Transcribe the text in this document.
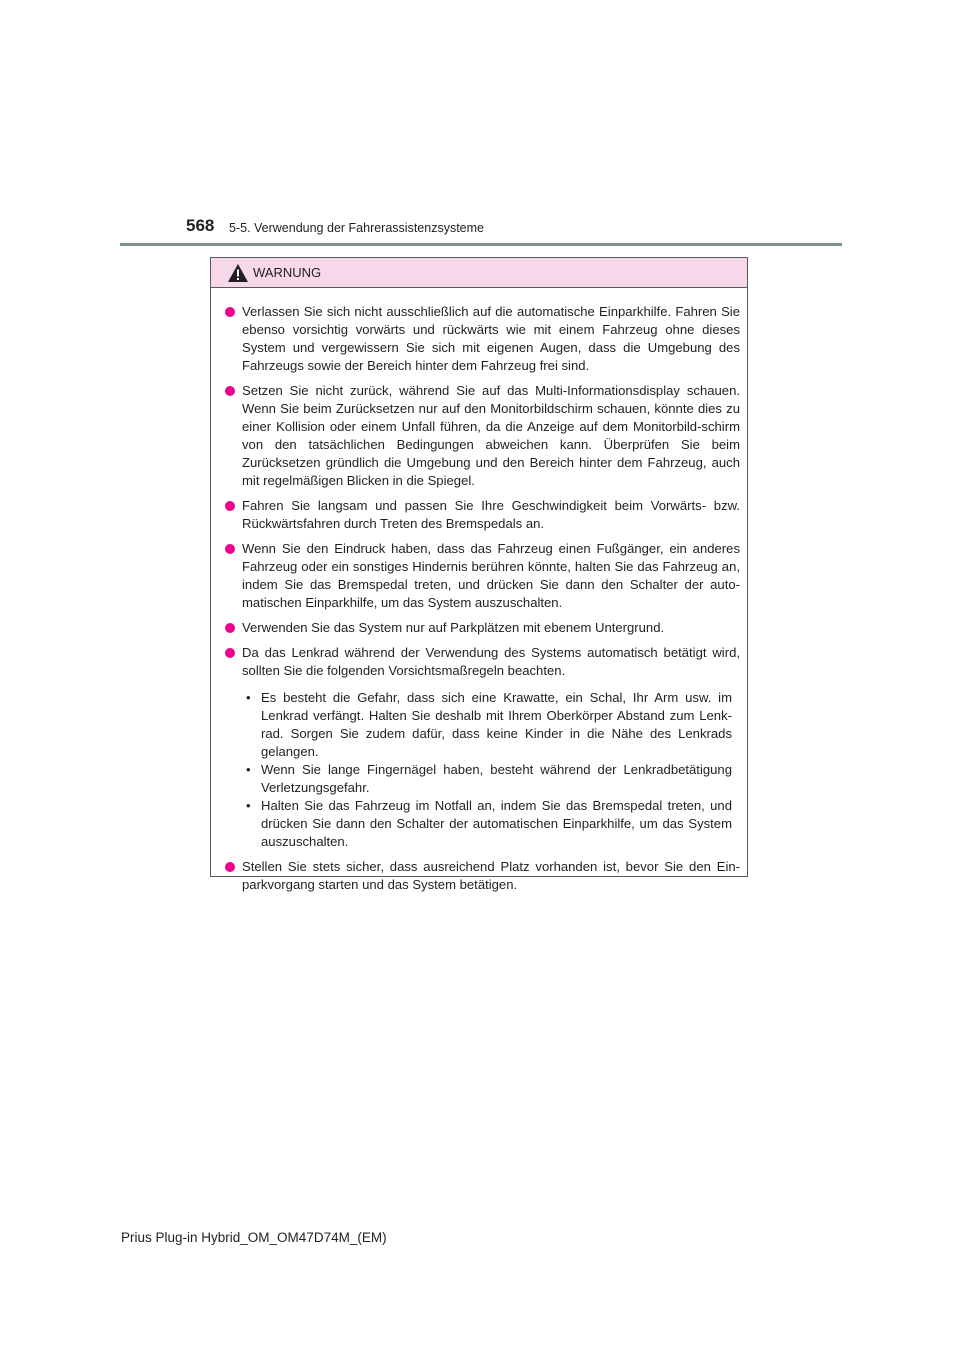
568 5-5. Verwendung der Fahrerassistenzsysteme
WARNUNG
Verlassen Sie sich nicht ausschließlich auf die automatische Einparkhilfe. Fahren Sie ebenso vorsichtig vorwärts und rückwärts wie mit einem Fahrzeug ohne dieses System und vergewissern Sie sich mit eigenen Augen, dass die Umgebung des Fahrzeugs sowie der Bereich hinter dem Fahrzeug frei sind.
Setzen Sie nicht zurück, während Sie auf das Multi-Informationsdisplay schauen. Wenn Sie beim Zurücksetzen nur auf den Monitorbildschirm schauen, könnte dies zu einer Kollision oder einem Unfall führen, da die Anzeige auf dem Monitorbild-schirm von den tatsächlichen Bedingungen abweichen kann. Überprüfen Sie beim Zurücksetzen gründlich die Umgebung und den Bereich hinter dem Fahrzeug, auch mit regelmäßigen Blicken in die Spiegel.
Fahren Sie langsam und passen Sie Ihre Geschwindigkeit beim Vorwärts- bzw. Rückwärtsfahren durch Treten des Bremspedals an.
Wenn Sie den Eindruck haben, dass das Fahrzeug einen Fußgänger, ein anderes Fahrzeug oder ein sonstiges Hindernis berühren könnte, halten Sie das Fahrzeug an, indem Sie das Bremspedal treten, und drücken Sie dann den Schalter der auto-matischen Einparkhilfe, um das System auszuschalten.
Verwenden Sie das System nur auf Parkplätzen mit ebenem Untergrund.
Da das Lenkrad während der Verwendung des Systems automatisch betätigt wird, sollten Sie die folgenden Vorsichtsmaßregeln beachten.
• Es besteht die Gefahr, dass sich eine Krawatte, ein Schal, Ihr Arm usw. im Lenkrad verfängt. Halten Sie deshalb mit Ihrem Oberkörper Abstand zum Lenk-rad. Sorgen Sie zudem dafür, dass keine Kinder in die Nähe des Lenkrads gelangen.
• Wenn Sie lange Fingernägel haben, besteht während der Lenkradbetätigung Verletzungsgefahr.
• Halten Sie das Fahrzeug im Notfall an, indem Sie das Bremspedal treten, und drücken Sie dann den Schalter der automatischen Einparkhilfe, um das System auszuschalten.
Stellen Sie stets sicher, dass ausreichend Platz vorhanden ist, bevor Sie den Ein-parkvorgang starten und das System betätigen.
Prius Plug-in Hybrid_OM_OM47D74M_(EM)
